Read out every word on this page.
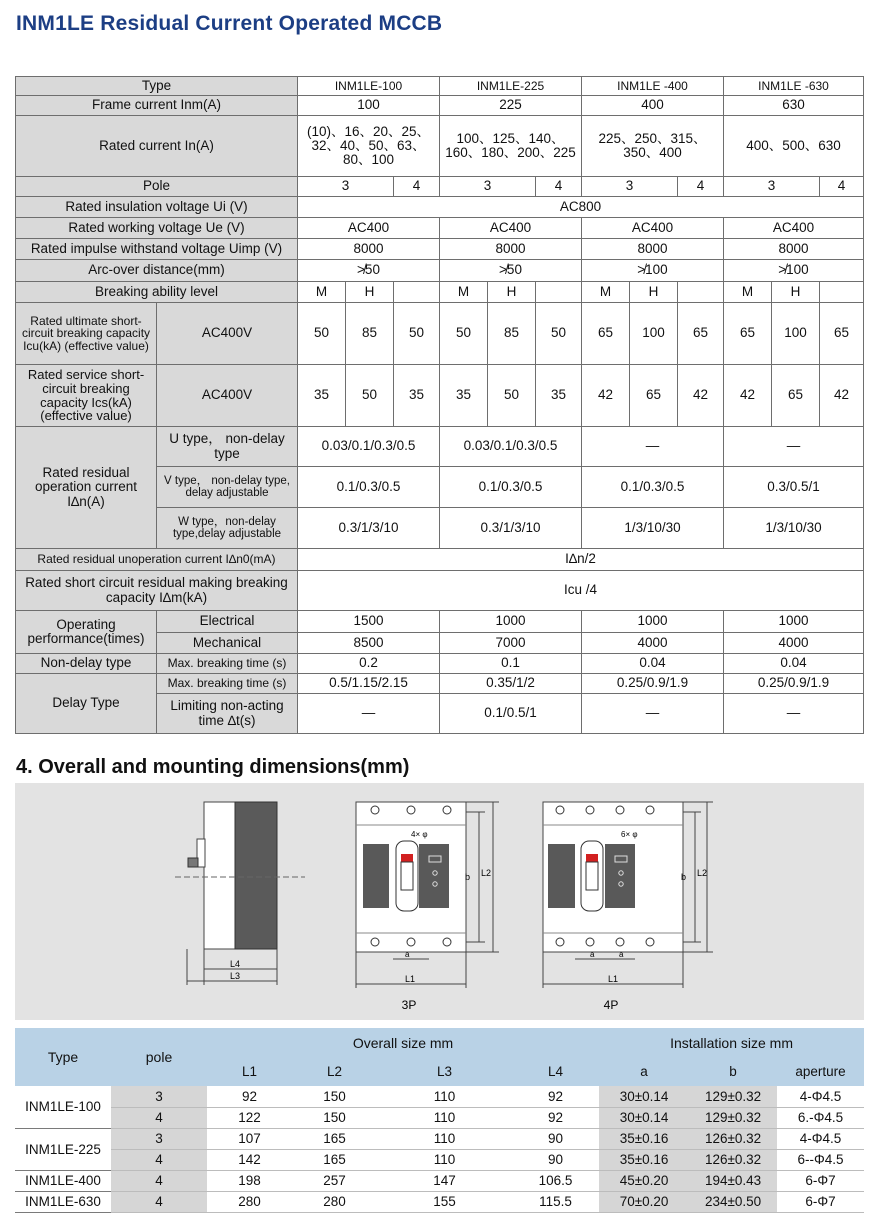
INM1LE Residual Current Operated MCCB
Type		INM1LE-100			INM1LE-225			INM1LE -400			INM1LE -630		
Frame current Inm(A)		100			225			400			630		
Rated current In(A)		(10)、16、20、25、32、40、50、63、80、100			100、125、140、160、180、200、225			225、250、315、350、400			400、500、630		
Pole		3		4	3		4	3		4	3		4
Rated insulation voltage Ui (V)		AC800											
Rated working voltage Ue (V)		AC400			AC400			AC400			AC400		
Rated impulse withstand voltage Uimp (V)		8000			8000			8000			8000		
Arc-over distance(mm)		≯50			≯50			≯100			≯100		
Breaking ability level		M	H		M	H		M	H		M	H	
Rated ultimate short-circuit breaking capacity Icu(kA) (effective value)	AC400V	50	85	50	50	85	50	65	100	65	65	100	65
Rated service short-circuit breaking capacity Ics(kA) (effective value)	AC400V	35	50	35	35	50	35	42	65	42	42	65	42
Rated residual operation current I∆n(A)	U type， non-delay type	0.03/0.1/0.3/0.5			0.03/0.1/0.3/0.5			—			—		
	V type， non-delay type, delay adjustable	0.1/0.3/0.5			0.1/0.3/0.5			0.1/0.3/0.5			0.3/0.5/1		
	W type，non-delay type,delay adjustable	0.3/1/3/10			0.3/1/3/10			1/3/10/30			1/3/10/30		
Rated residual unoperation current I∆n0(mA)		I∆n/2											
Rated short circuit residual making breaking capacity I∆m(kA)		Icu /4											
Operating performance(times)	Electrical	1500			1000			1000			1000		
	Mechanical	8500			7000			4000			4000		
Non-delay type	Max. breaking time (s)	0.2			0.1			0.04			0.04		
Delay Type	Max. breaking time (s)	0.5/1.15/2.15			0.35/1/2			0.25/0.9/1.9			0.25/0.9/1.9		
	Limiting non-acting time ∆t(s)	—			0.1/0.5/1			—			—		
4. Overall and mounting dimensions(mm)
L4
L3
4× φ
b L2
a
L1
3P
6× φ
b L2
a	a
L1
4P
Type	pole	Overall size mm				Installation size mm		
		L1	L2	L3	L4	a	b	aperture
INM1LE-100	3	92	150	110	92	30±0.14	129±0.32	4-Φ4.5
	4	122	150	110	92	30±0.14	129±0.32	6.-Φ4.5
INM1LE-225	3	107	165	110	90	35±0.16	126±0.32	4-Φ4.5
	4	142	165	110	90	35±0.16	126±0.32	6--Φ4.5
INM1LE-400	4	198	257	147	106.5	45±0.20	194±0.43	6-Φ7
INM1LE-630	4	280	280	155	115.5	70±0.20	234±0.50	6-Φ7
